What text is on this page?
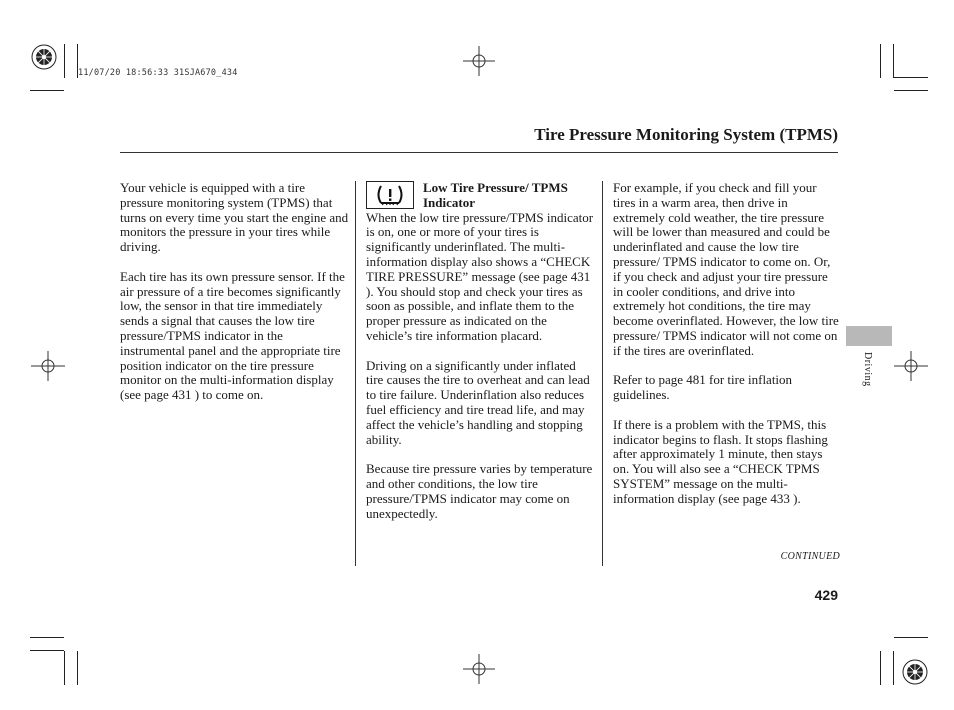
11/07/20 18:56:33 31SJA670_434
Tire Pressure Monitoring System (TPMS)

Your vehicle is equipped with a tire pressure monitoring system (TPMS) that turns on every time you start the engine and monitors the pressure in your tires while driving.

Each tire has its own pressure sensor. If the air pressure of a tire becomes significantly low, the sensor in that tire immediately sends a signal that causes the low tire pressure/TPMS indicator in the instrumental panel and the appropriate tire position indicator on the tire pressure monitor on the multi-information display (see page 431 ) to come on.

Low Tire Pressure/ TPMS Indicator

When the low tire pressure/TPMS indicator is on, one or more of your tires is significantly underinflated. The multi-information display also shows a “CHECK TIRE PRESSURE” message (see page 431 ). You should stop and check your tires as soon as possible, and inflate them to the proper pressure as indicated on the vehicle’s tire information placard.

Driving on a significantly under inflated tire causes the tire to overheat and can lead to tire failure. Underinflation also reduces fuel efficiency and tire tread life, and may affect the vehicle’s handling and stopping ability.

Because tire pressure varies by temperature and other conditions, the low tire pressure/TPMS indicator may come on unexpectedly.

For example, if you check and fill your tires in a warm area, then drive in extremely cold weather, the tire pressure will be lower than measured and could be underinflated and cause the low tire pressure/ TPMS indicator to come on. Or, if you check and adjust your tire pressure in cooler conditions, and drive into extremely hot conditions, the tire may become overinflated. However, the low tire pressure/ TPMS indicator will not come on if the tires are overinflated.

Refer to page 481 for tire inflation guidelines.

If there is a problem with the TPMS, this indicator begins to flash. It stops flashing after approximately 1 minute, then stays on. You will also see a “CHECK TPMS SYSTEM” message on the multi-information display (see page 433 ).

Driving
CONTINUED
429
